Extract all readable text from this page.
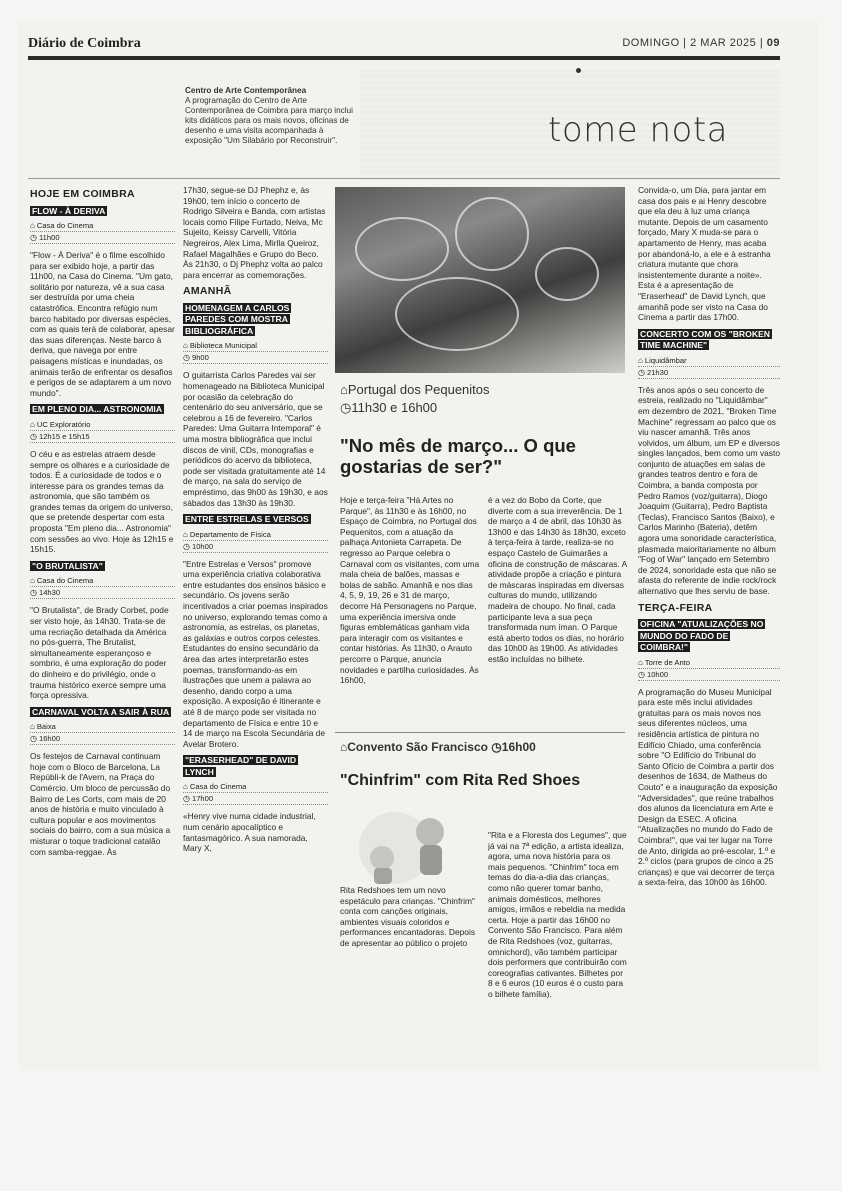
Diário de Coimbra	DOMINGO | 2 MAR 2025 | 09
Centro de Arte Contemporânea
A programação do Centro de Arte Contemporânea de Coimbra para março inclui kits didáticos para os mais novos, oficinas de desenho e uma visita acompanhada à exposição "Um Silabário por Reconstruir".	tome nota
HOJE EM COIMBRA
FLOW - À DERIVA
⌂ Casa do Cinema
◷ 11h00

"Flow - À Deriva" é o filme escolhido para ser exibido hoje, a partir das 11h00, na Casa do Cinema. "Um gato, solitário por natureza, vê a sua casa ser destruída por uma cheia catastrófica. Encontra refúgio num barco habitado por diversas espécies, com as quais terá de colaborar, apesar das suas diferenças. Neste barco à deriva, que navega por entre paisagens místicas e inundadas, os animais terão de enfrentar os desafios e perigos de se adaptarem a um novo mundo".

EM PLENO DIA... ASTRONOMIA
⌂ UC Exploratório
◷ 12h15 e 15h15

O céu e as estrelas atraem desde sempre os olhares e a curiosidade de todos. É a curiosidade de todos e o interesse para os grandes temas da astronomia, que são também os grandes temas da origem do universo, que se pretende despertar com esta proposta "Em pleno dia... Astronomia" com sessões ao vivo. Hoje às 12h15 e 15h15.

"O BRUTALISTA"
⌂ Casa do Cinema
◷ 14h30

"O Brutalista", de Brady Corbet, pode ser visto hoje, às 14h30. Trata-se de uma recriação detalhada da América no pós-guerra, The Brutalist, simultaneamente esperançoso e sombrio, é uma exploração do poder do dinheiro e do privilégio, onde o trauma histórico exerce sempre uma força opressiva.

CARNAVAL VOLTA A SAIR À RUA
⌂ Baixa
◷ 16h00

Os festejos de Carnaval continuam hoje com o Bloco de Barcelona, La Repúbli-k de l'Avern, na Praça do Comércio. Um bloco de percussão do Bairro de Les Corts, com mais de 20 anos de história e muito vinculado à cultura popular e aos movimentos sociais do bairro, com a sua música a misturar o toque tradicional catalão com samba-reggae. Às

17h30, segue-se DJ Phephz e, às 19h00, tem início o concerto de Rodrigo Silveira e Banda, com artistas locais como Filipe Furtado, Neiva, Mc Sujeito, Keissy Carvelli, Vitória Negreiros, Alex Lima, Mirlla Queiroz, Rafael Magalhães e Grupo do Beco. Às 21h30, o Dj Phephz volta ao palco para encerrar as comemorações.

AMANHÃ
HOMENAGEM A CARLOS PAREDES COM MOSTRA BIBLIOGRÁFICA
⌂ Biblioteca Municipal
◷ 9h00

O guitarrista Carlos Paredes vai ser homenageado na Biblioteca Municipal por ocasião da celebração do centenário do seu aniversário, que se celebrou a 16 de fevereiro. "Carlos Paredes: Uma Guitarra Intemporal" é uma mostra bibliográfica que inclui discos de vinil, CDs, monografias e periódicos do acervo da biblioteca, pode ser visitada gratuitamente até 14 de março, na sala do serviço de empréstimo, das 9h00 às 19h30, e aos sábados das 13h30 às 19h30.

ENTRE ESTRELAS E VERSOS
⌂ Departamento de Física
◷ 10h00

"Entre Estrelas e Versos" promove uma experiência criativa colaborativa entre estudantes dos ensinos básico e secundário. Os jovens serão incentivados a criar poemas inspirados no universo, explorando temas como a astronomia, as estrelas, os planetas, as galáxias e outros corpos celestes. Estudantes do ensino secundário da área das artes interpretarão estes poemas, transformando-as em ilustrações que unem a palavra ao desenho, dando corpo a uma exposição. A exposição é itinerante e até 8 de março pode ser visitada no departamento de Física e entre 10 e 14 de março na Escola Secundária de Avelar Brotero.

"ERASERHEAD" DE DAVID LYNCH
⌂ Casa do Cinema
◷ 17h00

«Henry vive numa cidade industrial, num cenário apocalíptico e fantasmagórico. A sua namorada, Mary X,

⌂Portugal dos Pequenitos
◷11h30 e 16h00
"No mês de março... O que gostarias de ser?"

Hoje e terça-feira "Há Artes no Parque", às 11h30 e às 16h00, no Espaço de Coimbra, no Portugal dos Pequenitos, com a atuação da palhaça Antonieta Carrapeta. De regresso ao Parque celebra o Carnaval com os visitantes, com uma mala cheia de balões, massas e bolas de sabão. Amanhã e nos dias 4, 5, 9, 19, 26 e 31 de março, decorre Há Personagens no Parque, uma experiência imersiva onde figuras emblemáticas ganham vida para interagir com os visitantes e contar histórias. Às 11h30, o Arauto percorre o Parque, anuncia novidades e partilha curiosidades. Às 16h00,

é a vez do Bobo da Corte, que diverte com a sua irreverência. De 1 de março a 4 de abril, das 10h30 às 13h00 e das 14h30 às 18h30, exceto à terça-feira à tarde, realiza-se no espaço Castelo de Guimarães a oficina de construção de máscaras. A atividade propõe a criação e pintura de máscaras inspiradas em diversas culturas do mundo, utilizando madeira de choupo. No final, cada participante leva a sua peça transformada num íman. O Parque está aberto todos os dias, no horário das 10h00 às 19h00. As atividades estão incluídas no bilhete.

⌂Convento São Francisco ◷16h00
"Chinfrim" com Rita Red Shoes

Rita Redshoes tem um novo espetáculo para crianças. "Chinfrim" conta com canções originais, ambientes visuais coloridos e performances encantadoras. Depois de apresentar ao público o projeto

"Rita e a Floresta dos Legumes", que já vai na 7ª edição, a artista idealiza, agora, uma nova história para os mais pequenos. "Chinfrim" toca em temas do dia-a-dia das crianças, como não querer tomar banho, animais domésticos, melhores amigos, irmãos e rebeldia na medida certa. Hoje a partir das 16h00 no Convento São Francisco. Para além de Rita Redshoes (voz, guitarras, omnichord), vão também participar dois performers que contribuirão com coreografias cativantes. Bilhetes por 8 e 6 euros (10 euros é o custo para o bilhete família).

Convida-o, um Dia, para jantar em casa dos pais e ai Henry descobre que ela deu à luz uma criança mutante. Depois de um casamento forçado, Mary X muda-se para o apartamento de Henry, mas acaba por abandoná-lo, a ele e à estranha criatura mutante que chora insistentemente durante a noite». Esta é a apresentação de "Eraserhead" de David Lynch, que amanhã pode ser visto na Casa do Cinema a partir das 17h00.

CONCERTO COM OS "BROKEN TIME MACHINE"
⌂ Liquidâmbar
◷ 21h30

Três anos após o seu concerto de estreia, realizado no "Liquidâmbar" em dezembro de 2021, "Broken Time Machine" regressam ao palco que os viu nascer amanhã. Três anos volvidos, um álbum, um EP e diversos singles lançados, bem como um vasto conjunto de atuações em salas de grandes teatros dentro e fora de Coimbra, a banda composta por Pedro Ramos (voz/guitarra), Diogo Joaquim (Guitarra), Pedro Baptista (Teclas), Francisco Santos (Baixo), e Carlos Marinho (Bateria), detêm agora uma sonoridade característica, plasmada maioritariamente no álbum "Fog of War" lançado em Setembro de 2024, sonoridade esta que não se afasta do referente de indie rock/rock alternativo que lhes serviu de base.

TERÇA-FEIRA
OFICINA "ATUALIZAÇÕES NO MUNDO DO FADO DE COIMBRA!"
⌂ Torre de Anto
◷ 10h00

A programação do Museu Municipal para este mês inclui atividades gratuitas para os mais novos nos seus diferentes núcleos, uma residência artística de pintura no Edifício Chiado, uma conferência sobre "O Edifício do Tribunal do Santo Ofício de Coimbra a partir dos desenhos de 1634, de Matheus do Couto" e a inauguração da exposição "Adversidades", que reúne trabalhos dos alunos da licenciatura em Arte e Design da ESEC. A oficina "Atualizações no mundo do Fado de Coimbra!", que vai ter lugar na Torre de Anto, dirigida ao pré-escolar, 1.º e 2.º ciclos (para grupos de cinco a 25 crianças) e que vai decorrer de terça a sexta-feira, das 10h00 às 16h00.
